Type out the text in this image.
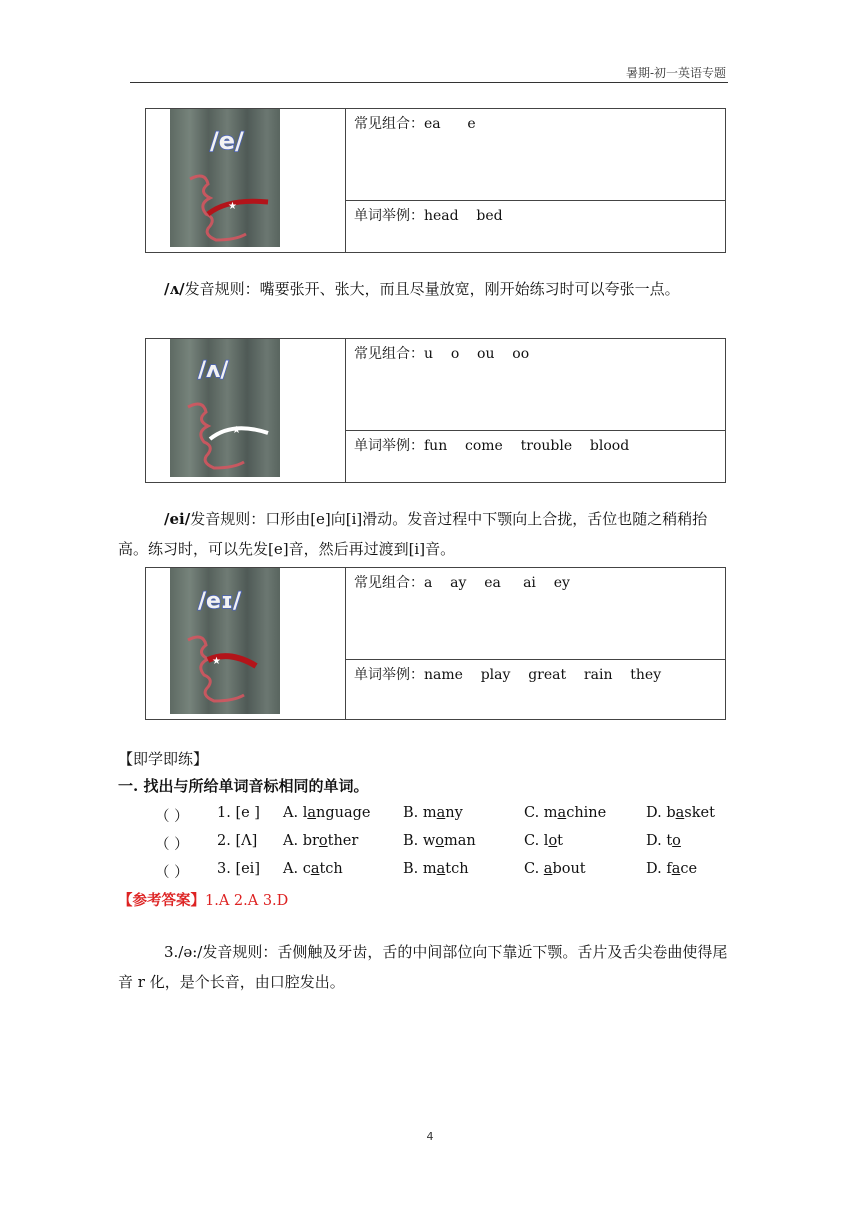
暑期-初一英语专题
/e/
★
	常见组合：ea      e
单词举例：head    bed

/ʌ/发音规则：嘴要张开、张大，而且尽量放宽，刚开始练习时可以夸张一点。

/ʌ/
★
	常见组合：u    o    ou    oo
单词举例：fun    come    trouble    blood

/ei/发音规则：口形由[e]向[i]滑动。发音过程中下颚向上合拢，舌位也随之稍稍抬高。练习时，可以先发[e]音，然后再过渡到[i]音。

/eɪ/
★
	常见组合：a    ay    ea     ai    ey
单词举例：name    play    great    rain    they
【即学即练】
一. 找出与所给单词音标相同的单词。
（ ） 1. [e ] A. language B. many	C. machine	D. basket
（ ） 2. [Λ] A. brother	B. woman	C. lot	D. to
（ ） 3. [ei] A. catch	B. match	C. about	D. face
【参考答案】1.A 2.A 3.D

3./ə:/发音规则：舌侧触及牙齿，舌的中间部位向下靠近下颚。舌片及舌尖卷曲使得尾音 r 化，是个长音，由口腔发出。

4
